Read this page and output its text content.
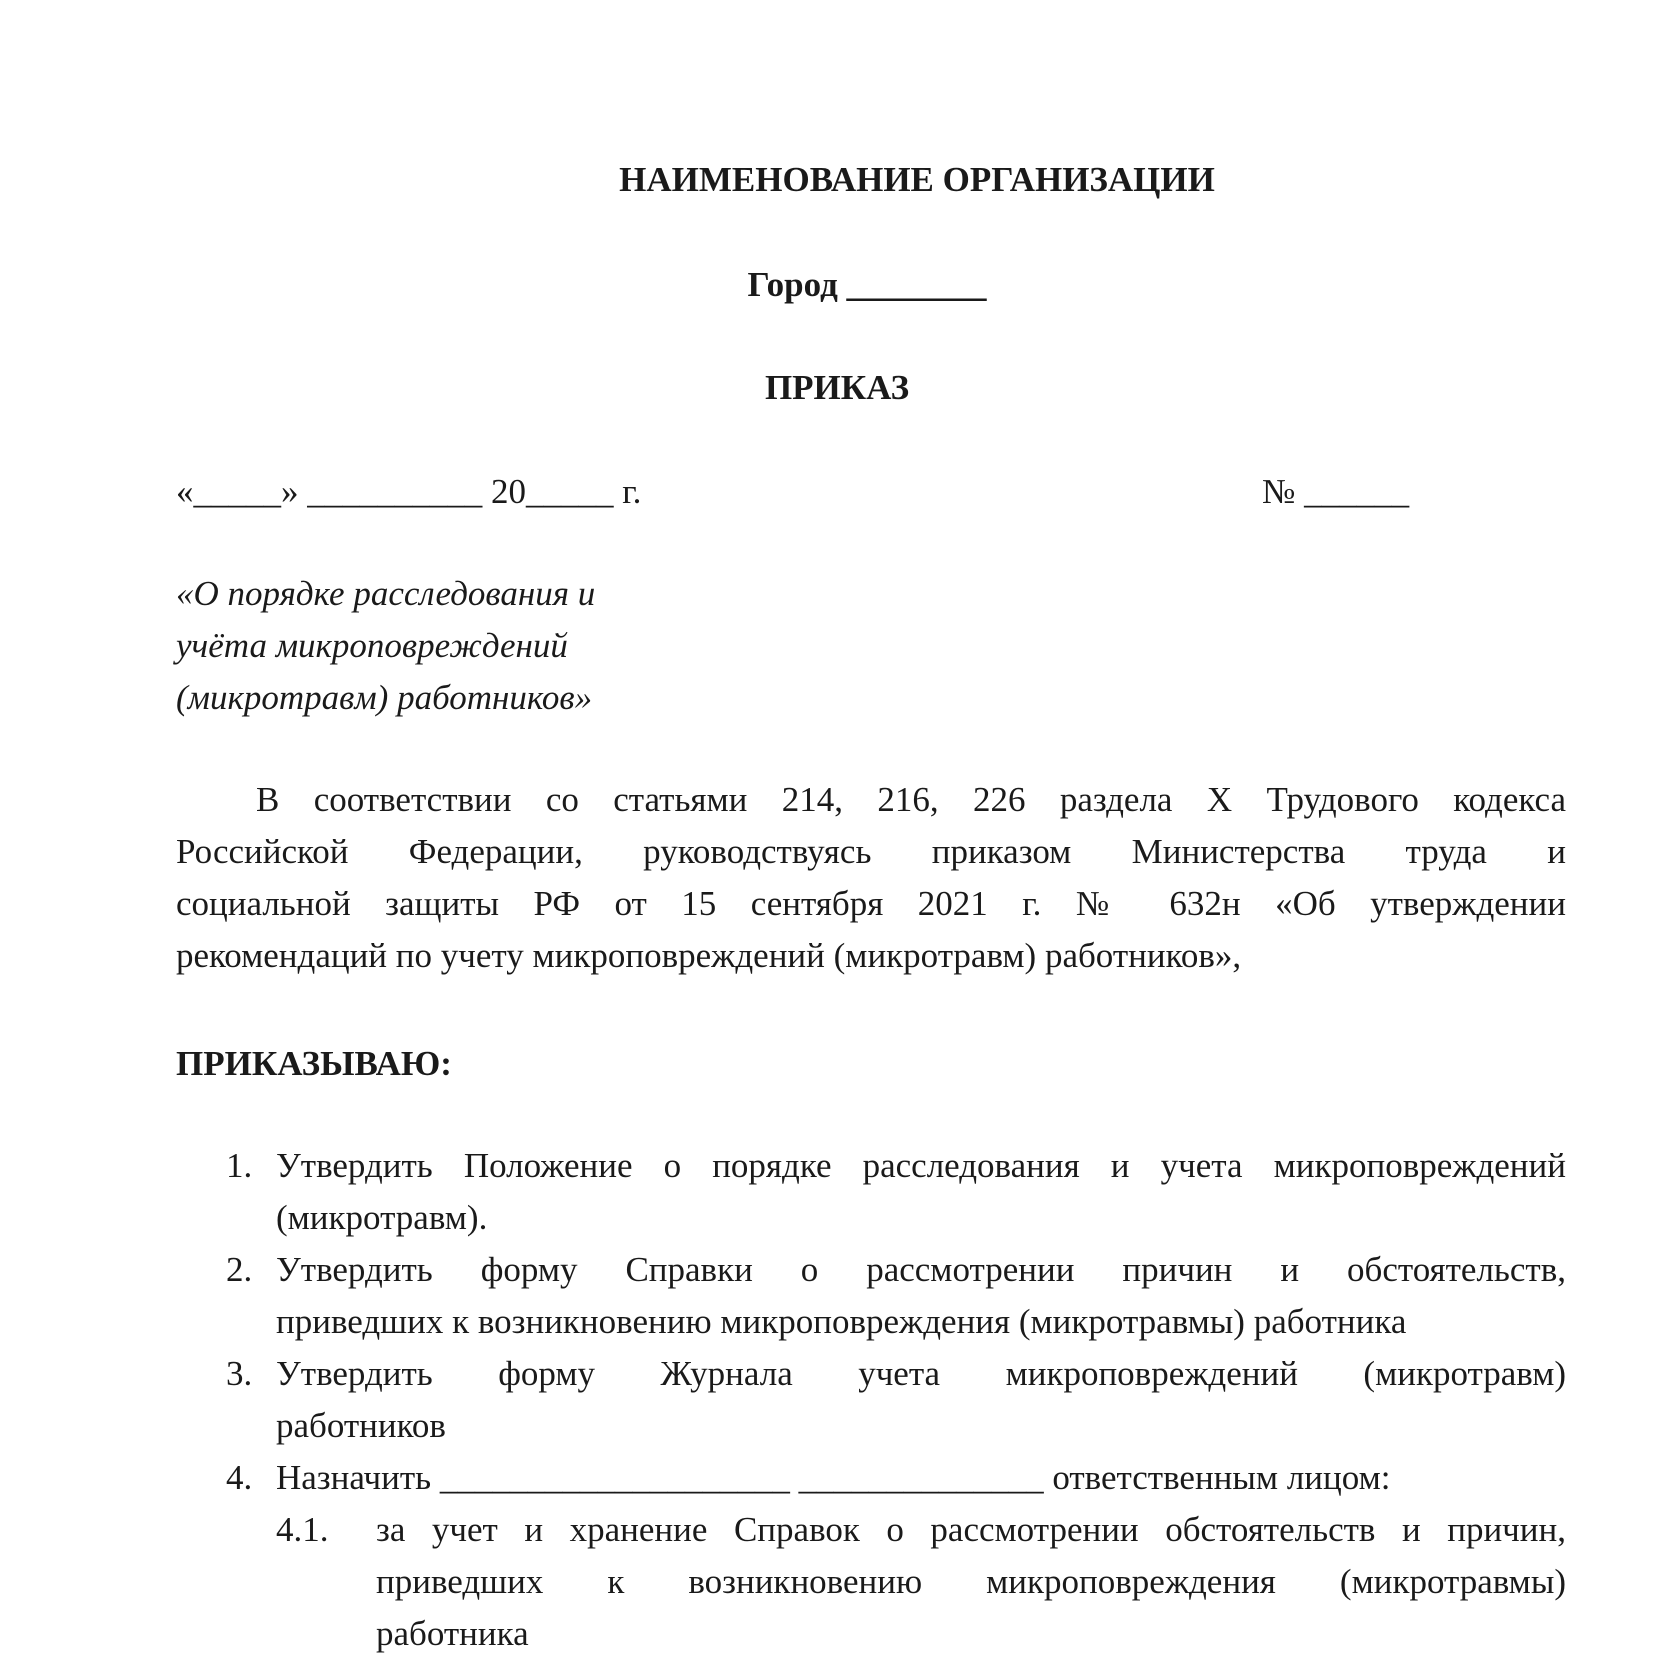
НАИМЕНОВАНИЕ ОРГАНИЗАЦИИ
Город ________
ПРИКАЗ
«_____» __________ 20_____ г.	№ ______
«О порядке расследования и
учёта микроповреждений
(микротравм) работников»
В соответствии со статьями 214, 216, 226 раздела X Трудового кодекса
Российской Федерации, руководствуясь приказом Министерства труда и
социальной защиты РФ от 15 сентября 2021 г. № 632н «Об утверждении
рекомендаций по учету микроповреждений (микротравм) работников»,
ПРИКАЗЫВАЮ:
1. Утвердить Положение о порядке расследования и учета микроповреждений
(микротравм).
2. Утвердить форму Справки о рассмотрении причин и обстоятельств,
приведших к возникновению микроповреждения (микротравмы) работника
3. Утвердить форму Журнала учета микроповреждений (микротравм)
работников
4. Назначить ____________________ ______________ ответственным лицом:
4.1. за учет и хранение Справок о рассмотрении обстоятельств и причин,
приведших к возникновению микроповреждения (микротравмы)
работника
